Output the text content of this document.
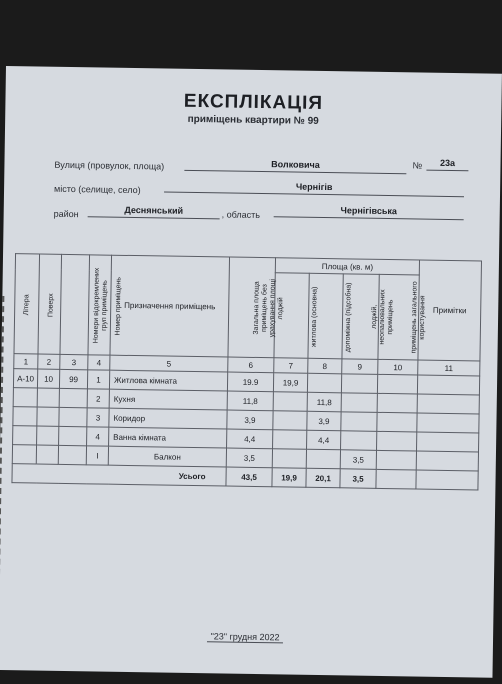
ЕКСПЛІКАЦІЯ
приміщень квартири № 99
Вулиця (провулок, площа)	Волковича	№	23а
місто (селище, село)	Чернігів
район	Деснянський	, область	Чернігівська
Літера	Поверх	Номери відокремлених груп приміщень	Номер приміщень	Призначення приміщень	Загальна площа приміщень без урахування площі лоджій	Площа (кв. м)				Примітки
						житлова (основна)	допоміжна (підсобна)	лоджій, неопалювальних приміщень	приміщень загального користування	
1	2	3	4	5	6	7	8	9	10	11
А-10	10	99	1	Житлова кімната	19.9	19,9				
			2	Кухня	11,8		11,8			
			3	Коридор	3,9		3,9			
			4	Ванна кімната	4,4		4,4			
			I	Балкон	3,5			3,5		
Усього					43,5	19,9	20,1	3,5		
"23" грудня 2022
